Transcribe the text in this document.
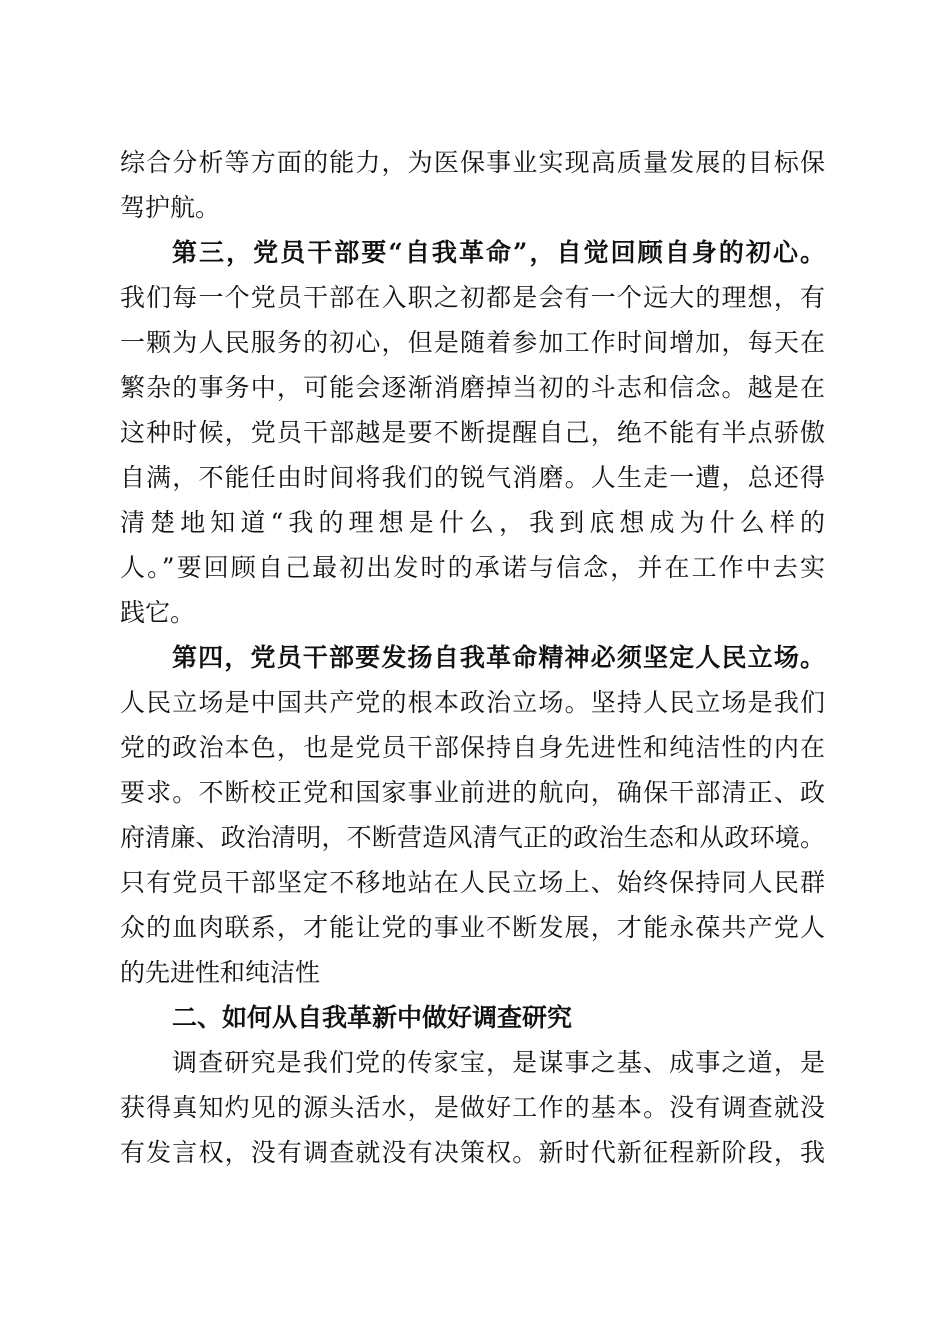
综合分析等方面的能力，为医保事业实现高质量发展的目标保
驾护航。
第三，党员干部要“自我革命”，自觉回顾自身的初心。
我们每一个党员干部在入职之初都是会有一个远大的理想，有
一颗为人民服务的初心，但是随着参加工作时间增加，每天在
繁杂的事务中，可能会逐渐消磨掉当初的斗志和信念。越是在
这种时候，党员干部越是要不断提醒自己，绝不能有半点骄傲
自满，不能任由时间将我们的锐气消磨。人生走一遭，总还得
清楚地知道“我的理想是什么，我到底想成为什么样的
人。”要回顾自己最初出发时的承诺与信念，并在工作中去实
践它。
第四，党员干部要发扬自我革命精神必须坚定人民立场。
人民立场是中国共产党的根本政治立场。坚持人民立场是我们
党的政治本色，也是党员干部保持自身先进性和纯洁性的内在
要求。不断校正党和国家事业前进的航向，确保干部清正、政
府清廉、政治清明，不断营造风清气正的政治生态和从政环境。
只有党员干部坚定不移地站在人民立场上、始终保持同人民群
众的血肉联系，才能让党的事业不断发展，才能永葆共产党人
的先进性和纯洁性
二、如何从自我革新中做好调查研究
调查研究是我们党的传家宝，是谋事之基、成事之道，是
获得真知灼见的源头活水，是做好工作的基本。没有调查就没
有发言权，没有调查就没有决策权。新时代新征程新阶段，我
